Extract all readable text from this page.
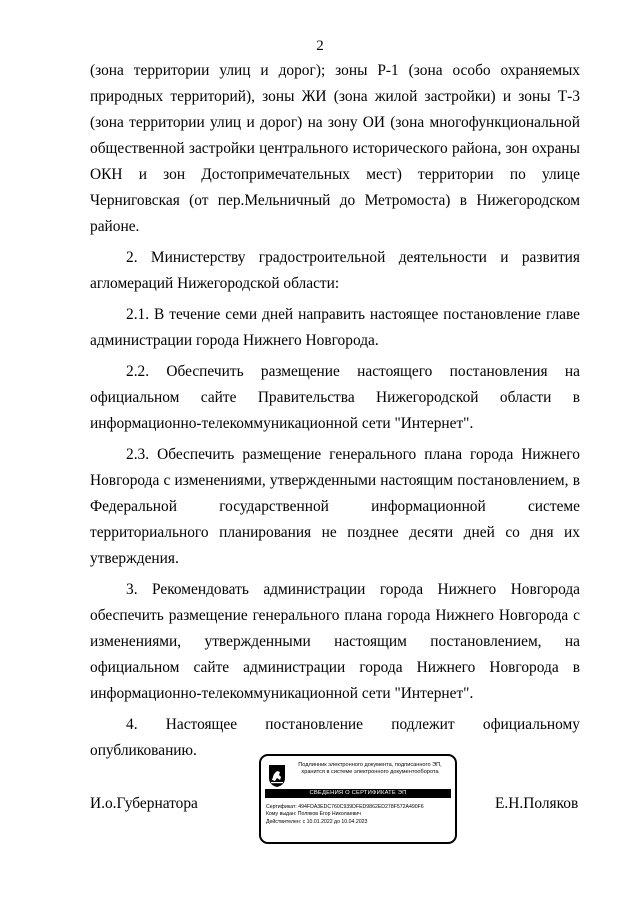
2

(зона территории улиц и дорог); зоны Р-1 (зона особо охраняемых природных территорий), зоны ЖИ (зона жилой застройки) и зоны Т-3 (зона территории улиц и дорог) на зону ОИ (зона многофункциональной общественной застройки центрального исторического района, зон охраны ОКН и зон Достопримечательных мест) территории по улице Черниговская (от пер.Мельничный до Метромоста) в Нижегородском районе.

2. Министерству градостроительной деятельности и развития агломераций Нижегородской области:

2.1. В течение семи дней направить настоящее постановление главе администрации города Нижнего Новгорода.

2.2. Обеспечить размещение настоящего постановления на официальном сайте Правительства Нижегородской области в информационно-телекоммуникационной сети "Интернет".

2.3. Обеспечить размещение генерального плана города Нижнего Новгорода с изменениями, утвержденными настоящим постановлением, в Федеральной государственной информационной системе территориального планирования не позднее десяти дней со дня их утверждения.

3. Рекомендовать администрации города Нижнего Новгорода обеспечить размещение генерального плана города Нижнего Новгорода с изменениями, утвержденными настоящим постановлением, на официальном сайте администрации города Нижнего Новгорода в информационно-телекоммуникационной сети "Интернет".

4. Настоящее постановление подлежит официальному опубликованию.

И.о.Губернатора	Е.Н.Поляков
Подлинник электронного документа, подписанного ЭП, хранится в системе электронного документооборота
СВЕДЕНИЯ О СЕРТИФИКАТЕ ЭП
Сертификат: 494FDA3EDC760C939DFED9862ED278F572A490F6
Кому выдан: Поляков Егор Николаевич
Действителен: с 10.01.2022 до 10.04.2023
